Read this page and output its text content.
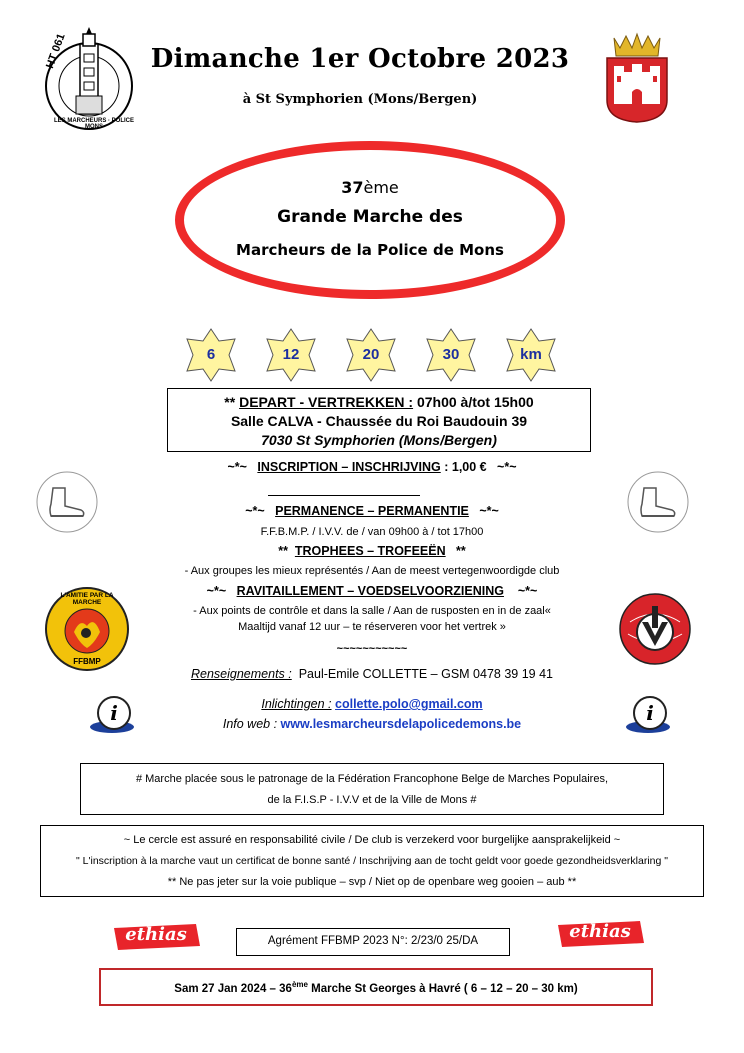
HT 061
LES MARCHEURS · POLICE MONS
Dimanche 1er Octobre 2023
à St Symphorien (Mons/Bergen)
37ème
Grande Marche des
Marcheurs de la Police de Mons
6	12	20	30	km
** DEPART - VERTREKKEN : 07h00 à/tot 15h00
Salle CALVA - Chaussée du Roi Baudouin 39
7030 St Symphorien (Mons/Bergen)
~*~ INSCRIPTION – INSCHRIJVING : 1,00 € ~*~
~*~ PERMANENCE – PERMANENTIE ~*~
F.F.B.M.P. / I.V.V. de / van 09h00 à / tot 17h00
** TROPHEES – TROFEEËN **
- Aux groupes les mieux représentés / Aan de meest vertegenwoordigde club
~*~ RAVITAILLEMENT – VOEDSELVOORZIENING ~*~
- Aux points de contrôle et dans la salle / Aan de rusposten en in de zaal«
Maaltijd vanaf 12 uur – te réserveren voor het vertrek »
~~~~~~~~~~~
L'AMITIE PAR LA MARCHE
FFBMP
Renseignements : Paul-Emile COLLETTE – GSM 0478 39 19 41
Inlichtingen : collette.polo@gmail.com
Info web : www.lesmarcheursdelapolicedemons.be
i	i
# Marche placée sous le patronage de la Fédération Francophone Belge de Marches Populaires,
de la F.I.S.P - I.V.V et de la Ville de Mons #
~ Le cercle est assuré en responsabilité civile / De club is verzekerd voor burgelijke aansprakelijkeid ~
" L'inscription à la marche vaut un certificat de bonne santé / Inschrijving aan de tocht geldt voor goede gezondheidsverklaring "
** Ne pas jeter sur la voie publique – svp / Niet op de openbare weg gooien – aub **
ethias	ethias
Agrément FFBMP 2023 N°: 2/23/0 25/DA
Sam 27 Jan 2024 – 36ème Marche St Georges à Havré ( 6 – 12 – 20 – 30 km)
